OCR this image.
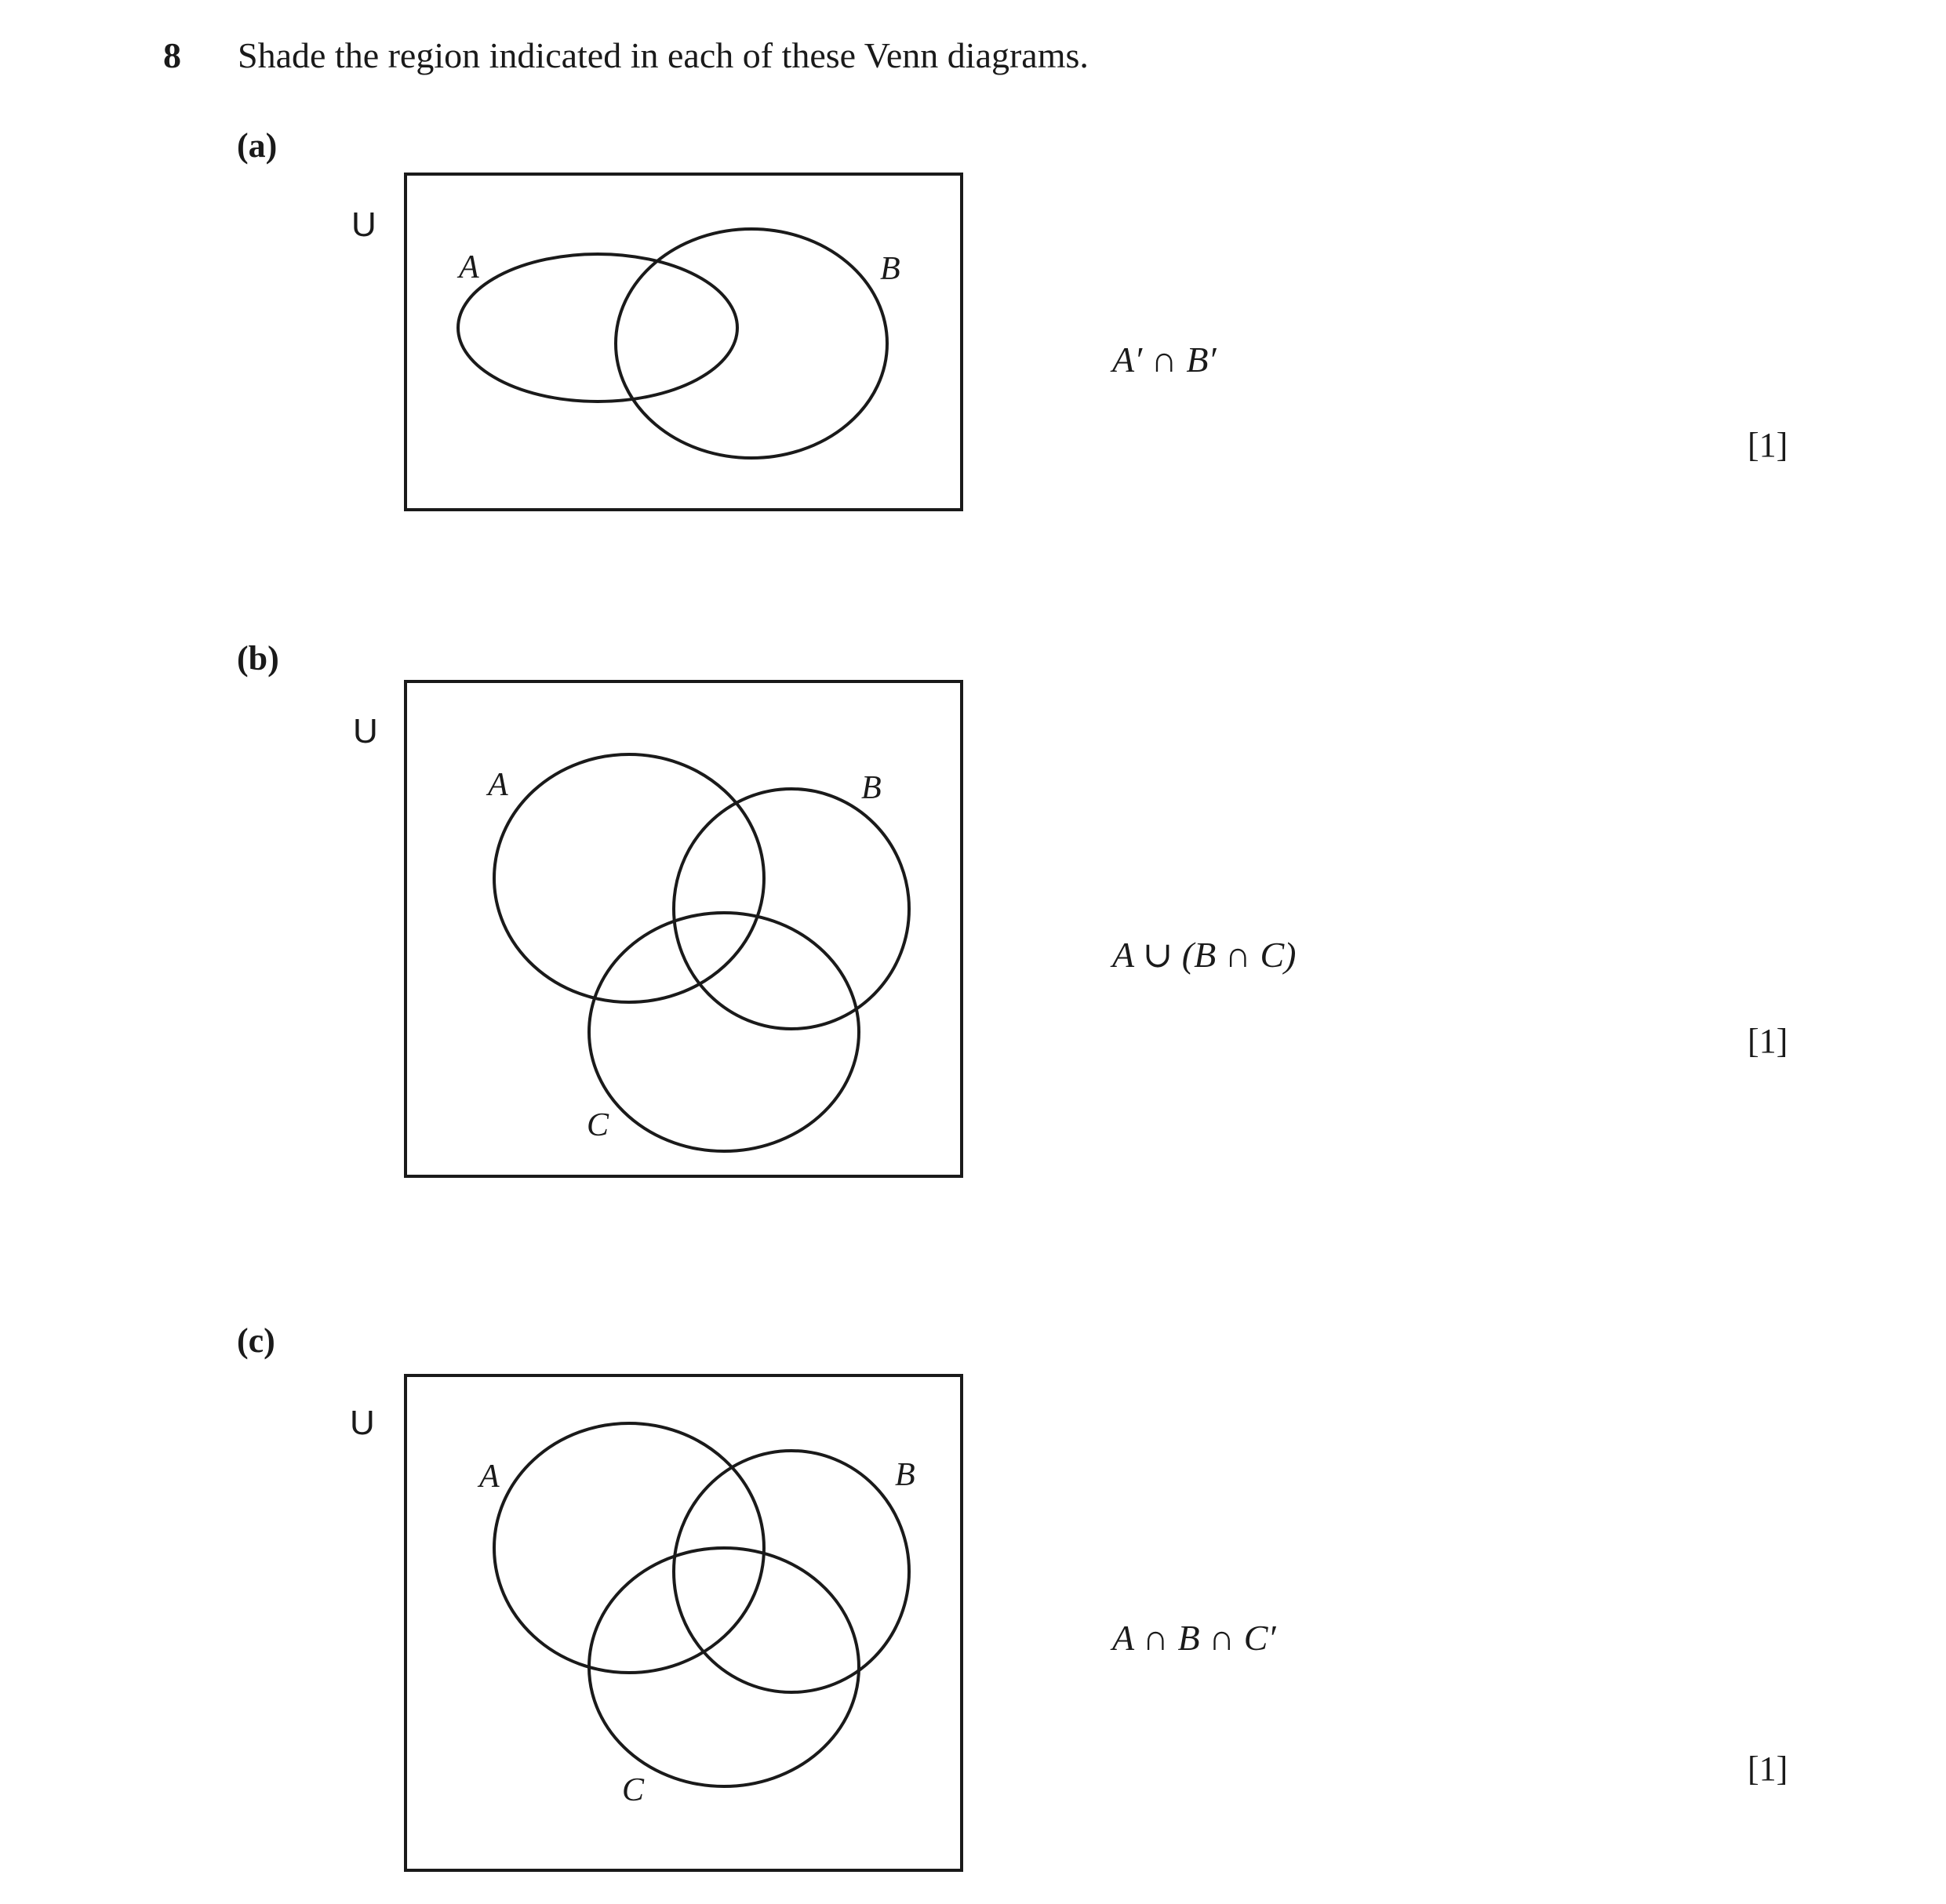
8 Shade the region indicated in each of these Venn diagrams.
(a)
U
A	B
A′ ∩ B′
[1]
(b)
U
A	B
C
A ∪ (B ∩ C)
[1]
(c)
U
A	B
C
A ∩ B ∩ C′
[1]
